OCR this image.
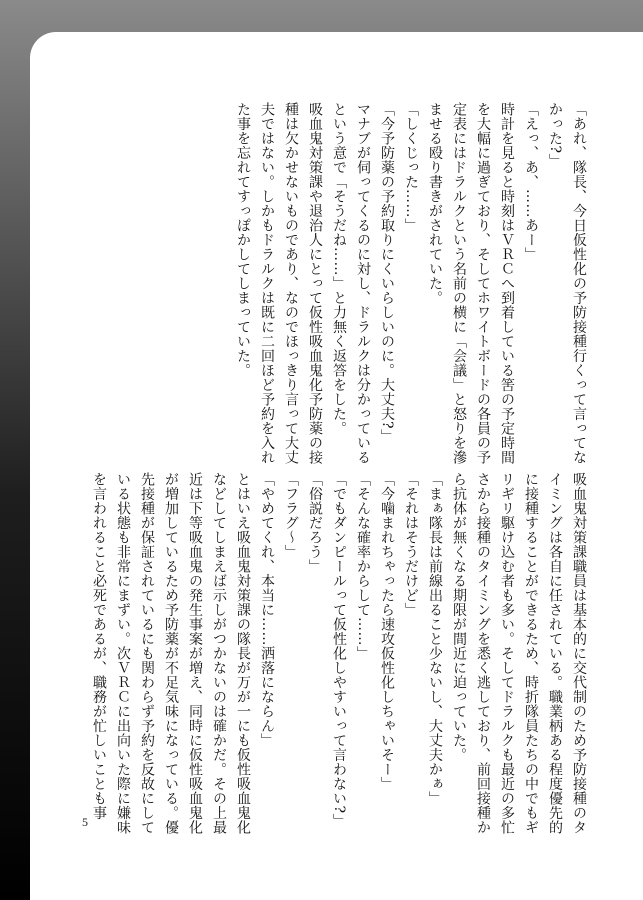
「あれ、隊長、今日仮性化の予防接種行くって言ってなかった?」

「えっ、あ、……あー」

時計を見ると時刻はＶＲＣへ到着している筈の予定時間を大幅に過ぎており、そしてホワイトボードの各員の予定表にはドラルクという名前の横に「会議」と怒りを滲ませる殴り書きがされていた。

「しくじった……」

「今予防薬の予約取りにくいらしいのに。大丈夫?」

マナブが伺ってくるのに対し、ドラルクは分かっているという意で「そうだね……」と力無く返答をした。

吸血鬼対策課や退治人にとって仮性吸血鬼化予防薬の接種は欠かせないものであり、なのでほっきり言って大丈夫ではない。しかもドラルクは既に二回ほど予約を入れた事を忘れてすっぽかしてしまっていた。

吸血鬼対策課職員は基本的に交代制のため予防接種のタイミングは各自に任されている。職業柄ある程度優先的に接種することができるため、時折隊員たちの中でもギリギリ駆け込む者も多い。そしてドラルクも最近の多忙さから接種のタイミングを悉く逃しており、前回接種から抗体が無くなる期限が間近に迫っていた。

「まぁ隊長は前線出ること少ないし、大丈夫かぁ」

「それはそうだけど」

「今噛まれちゃったら速攻仮性化しちゃいそー」

「そんな確率からして……」

「でもダンピールって仮性化しやすいって言わない?」

「俗説だろう」

「フラグ〜」

「やめてくれ、本当に……洒落にならん」

とはいえ吸血鬼対策課の隊長が万が一にも仮性吸血鬼化などしてしまえば示しがつかないのは確かだ。その上最近は下等吸血鬼の発生事案が増え、同時に仮性吸血鬼化が増加しているため予防薬が不足気味になっている。優先接種が保証されているにも関わらず予約を反故にしている状態も非常にまずい。次ＶＲＣに出向いた際に嫌味を言われること必死であるが、職務が忙しいことも事

5
